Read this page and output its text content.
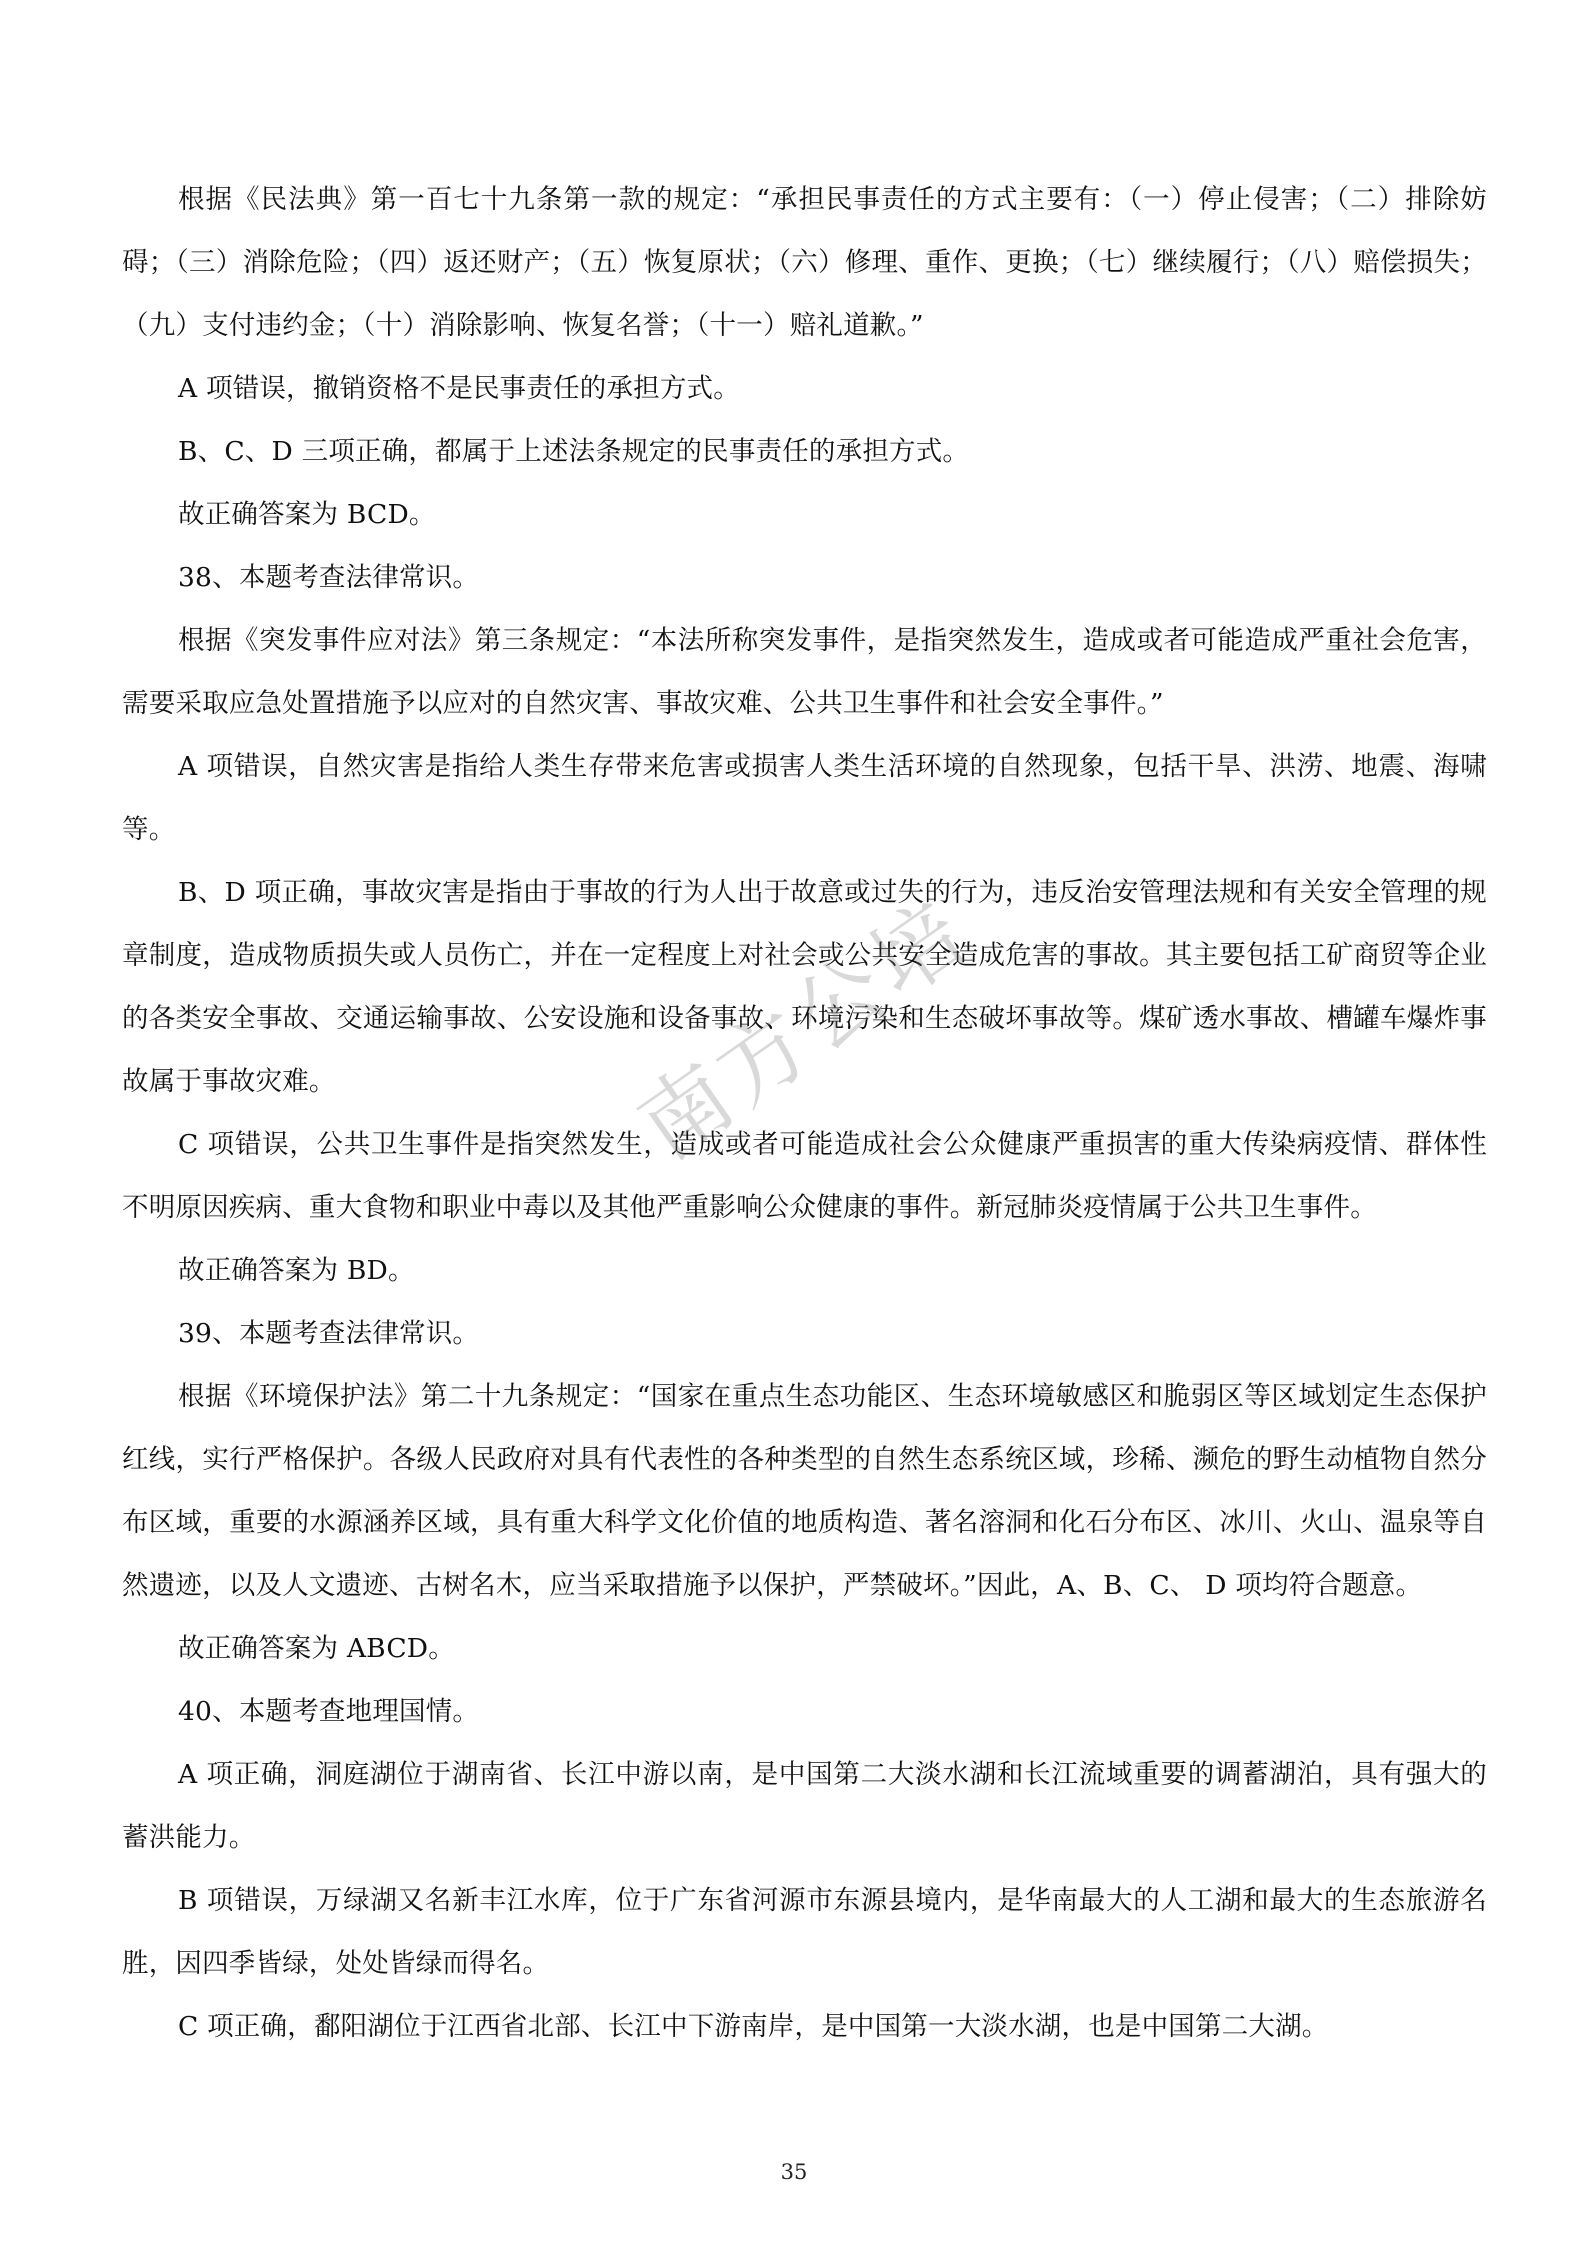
根据《民法典》第一百七十九条第一款的规定：“承担民事责任的方式主要有：（一）停止侵害；（二）排除妨碍；（三）消除危险；（四）返还财产；（五）恢复原状；（六）修理、重作、更换；（七）继续履行；（八）赔偿损失；（九）支付违约金；（十）消除影响、恢复名誉；（十一）赔礼道歉。”

A 项错误，撤销资格不是民事责任的承担方式。

B、C、D 三项正确，都属于上述法条规定的民事责任的承担方式。

故正确答案为 BCD。

38、本题考查法律常识。

根据《突发事件应对法》第三条规定：“本法所称突发事件，是指突然发生，造成或者可能造成严重社会危害，需要采取应急处置措施予以应对的自然灾害、事故灾难、公共卫生事件和社会安全事件。”

A 项错误，自然灾害是指给人类生存带来危害或损害人类生活环境的自然现象，包括干旱、洪涝、地震、海啸等。

B、D 项正确，事故灾害是指由于事故的行为人出于故意或过失的行为，违反治安管理法规和有关安全管理的规章制度，造成物质损失或人员伤亡，并在一定程度上对社会或公共安全造成危害的事故。其主要包括工矿商贸等企业的各类安全事故、交通运输事故、公安设施和设备事故、环境污染和生态破坏事故等。煤矿透水事故、槽罐车爆炸事故属于事故灾难。

C 项错误，公共卫生事件是指突然发生，造成或者可能造成社会公众健康严重损害的重大传染病疫情、群体性不明原因疾病、重大食物和职业中毒以及其他严重影响公众健康的事件。新冠肺炎疫情属于公共卫生事件。

故正确答案为 BD。

39、本题考查法律常识。

根据《环境保护法》第二十九条规定：“国家在重点生态功能区、生态环境敏感区和脆弱区等区域划定生态保护红线，实行严格保护。各级人民政府对具有代表性的各种类型的自然生态系统区域，珍稀、濒危的野生动植物自然分布区域，重要的水源涵养区域，具有重大科学文化价值的地质构造、著名溶洞和化石分布区、冰川、火山、温泉等自然遗迹，以及人文遗迹、古树名木，应当采取措施予以保护，严禁破坏。”因此，A、B、C、 D 项均符合题意。

故正确答案为 ABCD。

40、本题考查地理国情。

A 项正确，洞庭湖位于湖南省、长江中游以南，是中国第二大淡水湖和长江流域重要的调蓄湖泊，具有强大的蓄洪能力。

B 项错误，万绿湖又名新丰江水库，位于广东省河源市东源县境内，是华南最大的人工湖和最大的生态旅游名胜，因四季皆绿，处处皆绿而得名。

C 项正确，鄱阳湖位于江西省北部、长江中下游南岸，是中国第一大淡水湖，也是中国第二大湖。

南方公培
35
